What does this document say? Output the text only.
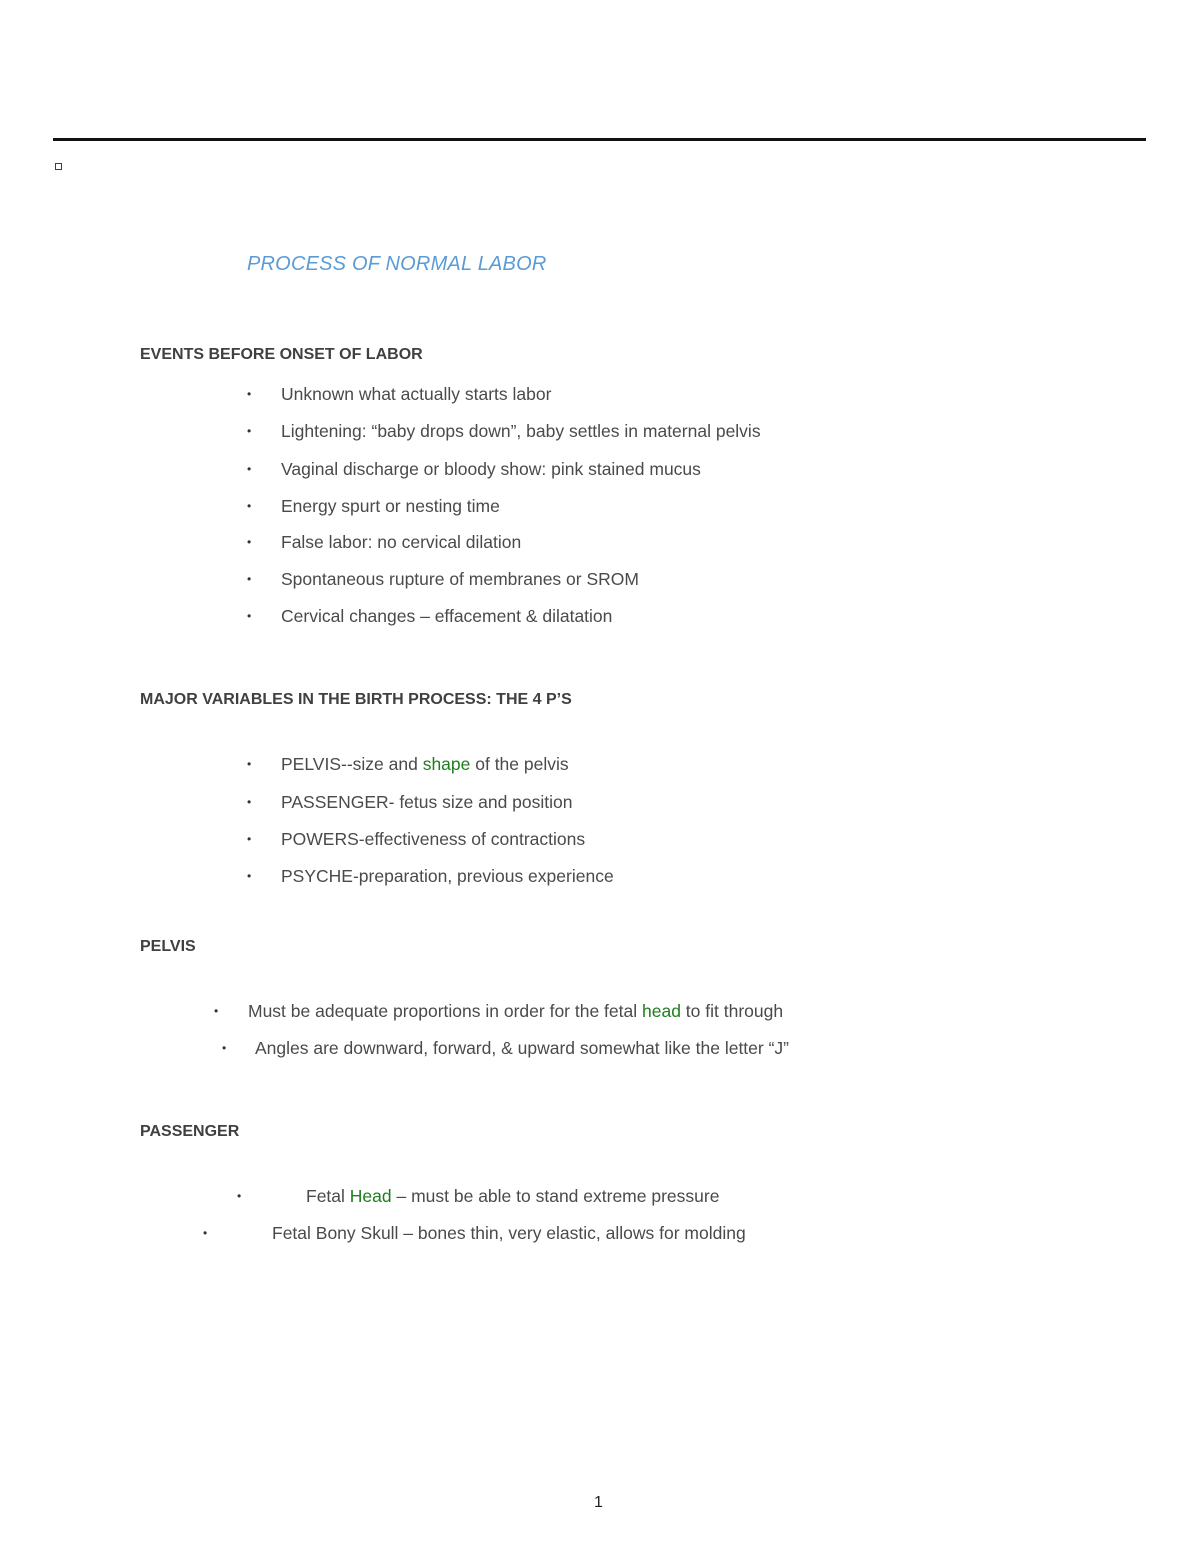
PROCESS OF NORMAL LABOR
EVENTS BEFORE ONSET OF LABOR
• Unknown what actually starts labor
• Lightening: “baby drops down”, baby settles in maternal pelvis
• Vaginal discharge or bloody show: pink stained mucus
• Energy spurt or nesting time
• False labor: no cervical dilation
• Spontaneous rupture of membranes or SROM
• Cervical changes – effacement & dilatation
MAJOR VARIABLES IN THE BIRTH PROCESS: THE 4 P’S
• PELVIS--size and shape of the pelvis
• PASSENGER- fetus size and position
• POWERS-effectiveness of contractions
• PSYCHE-preparation, previous experience
PELVIS
• Must be adequate proportions in order for the fetal head to fit through
• Angles are downward, forward, & upward somewhat like the letter “J”
PASSENGER
•	Fetal Head – must be able to stand extreme pressure
•	Fetal Bony Skull – bones thin, very elastic, allows for molding
1
